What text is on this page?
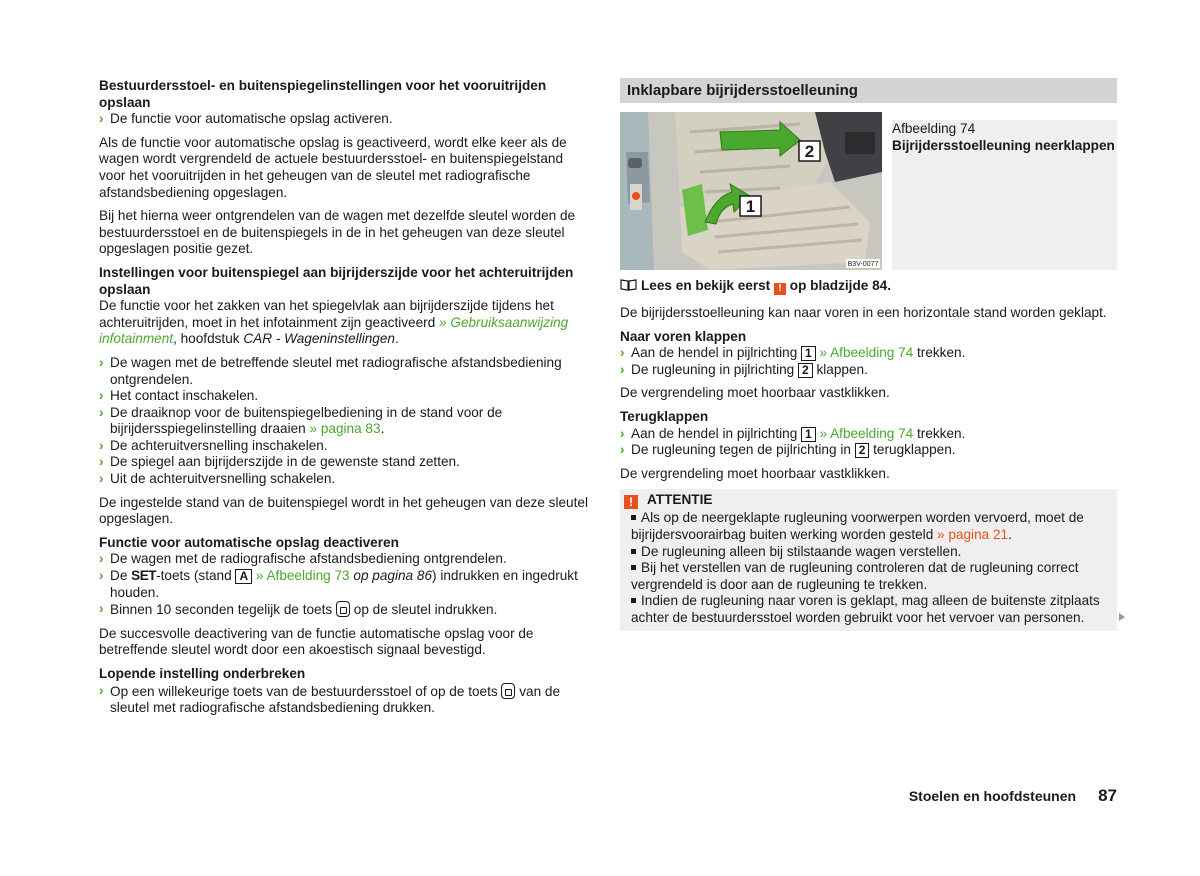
Bestuurdersstoel- en buitenspiegelinstellingen voor het vooruitrijden opslaan

› De functie voor automatische opslag activeren.

Als de functie voor automatische opslag is geactiveerd, wordt elke keer als de wagen wordt vergrendeld de actuele bestuurdersstoel- en buitenspiegelstand voor het vooruitrijden in het geheugen van de sleutel met radiografische afstandsbediening opgeslagen.

Bij het hierna weer ontgrendelen van de wagen met dezelfde sleutel worden de bestuurdersstoel en de buitenspiegels in de in het geheugen van deze sleutel opgeslagen positie gezet.

Instellingen voor buitenspiegel aan bijrijderszijde voor het achteruitrijden opslaan

De functie voor het zakken van het spiegelvlak aan bijrijderszijde tijdens het achteruitrijden, moet in het infotainment zijn geactiveerd » Gebruiksaanwijzing infotainment, hoofdstuk CAR - Wageninstellingen.

› De wagen met de betreffende sleutel met radiografische afstandsbediening ontgrendelen.
› Het contact inschakelen.
› De draaiknop voor de buitenspiegelbediening in de stand voor de bijrijdersspiegelinstelling draaien » pagina 83.
› De achteruitversnelling inschakelen.
› De spiegel aan bijrijderszijde in de gewenste stand zetten.
› Uit de achteruitversnelling schakelen.

De ingestelde stand van de buitenspiegel wordt in het geheugen van deze sleutel opgeslagen.

Functie voor automatische opslag deactiveren

› De wagen met de radiografische afstandsbediening ontgrendelen.
› De SET-toets (stand A » Afbeelding 73 op pagina 86) indrukken en ingedrukt houden.
› Binnen 10 seconden tegelijk de toets  op de sleutel indrukken.

De succesvolle deactivering van de functie automatische opslag voor de betreffende sleutel wordt door een akoestisch signaal bevestigd.

Lopende instelling onderbreken

› Op een willekeurige toets van de bestuurdersstoel of op de toets  van de sleutel met radiografische afstandsbediening drukken.
Inklapbare bijrijdersstoelleuning
2
1
B3V-0077
Afbeelding 74
Bijrijdersstoelleuning neerklappen
Lees en bekijk eerst ! op bladzijde 84.

De bijrijdersstoelleuning kan naar voren in een horizontale stand worden geklapt.

Naar voren klappen

› Aan de hendel in pijlrichting 1 » Afbeelding 74 trekken.
› De rugleuning in pijlrichting 2 klappen.

De vergrendeling moet hoorbaar vastklikken.

Terugklappen

› Aan de hendel in pijlrichting 1 » Afbeelding 74 trekken.
› De rugleuning tegen de pijlrichting in 2 terugklappen.

De vergrendeling moet hoorbaar vastklikken.

! ATTENTIE
Als op de neergeklapte rugleuning voorwerpen worden vervoerd, moet de bijrijdersvoorairbag buiten werking worden gesteld » pagina 21.
De rugleuning alleen bij stilstaande wagen verstellen.
Bij het verstellen van de rugleuning controleren dat de rugleuning correct vergrendeld is door aan de rugleuning te trekken.
Indien de rugleuning naar voren is geklapt, mag alleen de buitenste zitplaats achter de bestuurdersstoel worden gebruikt voor het vervoer van personen.
Stoelen en hoofdsteunen 87
